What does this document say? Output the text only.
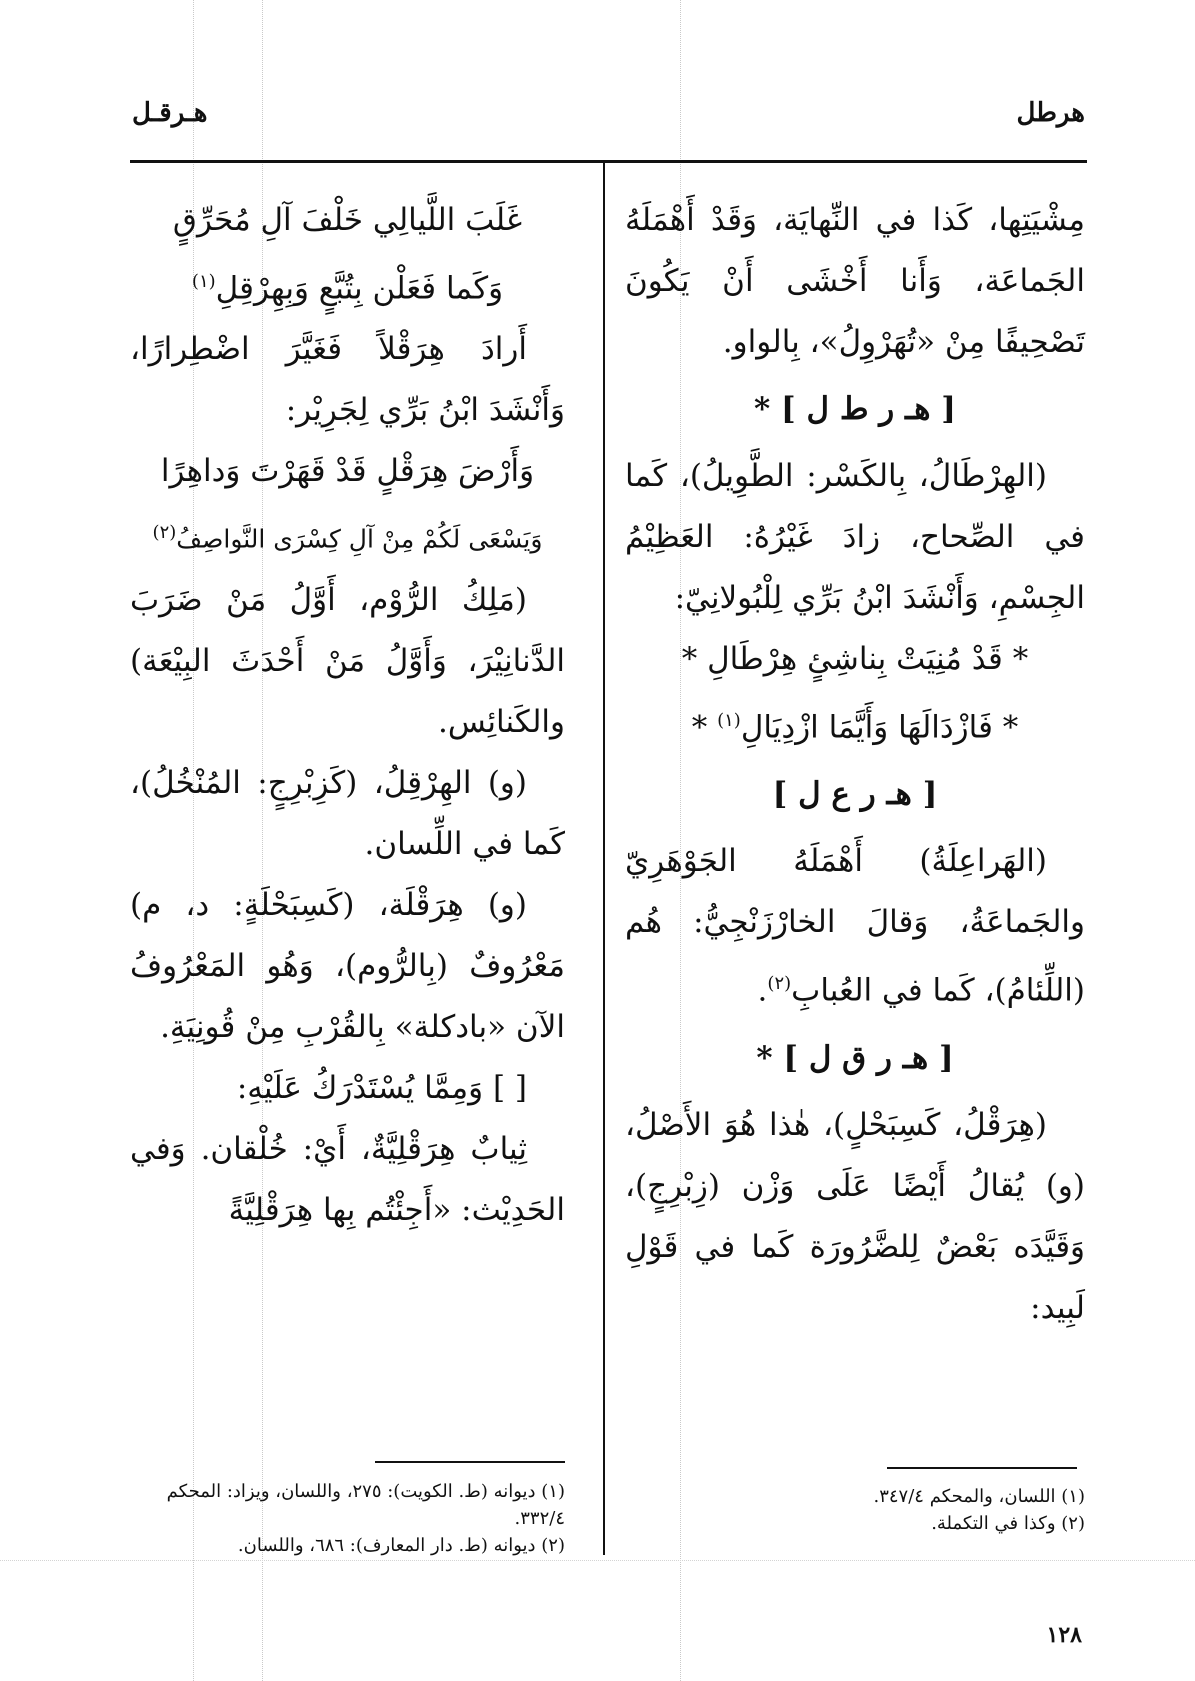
هرطل
هـرقـل

مِشْيَتِها، كَذا في النِّهايَة، وَقَدْ أَهْمَلَهُ الجَماعَة، وَأَنا أَخْشَى أَنْ يَكُونَ تَصْحِيفًا مِنْ «تُهَرْوِلُ»، بِالواو.

[ هـ ر ط ل ] *

(الهِرْطَالُ، بِالكَسْر: الطَّوِيلُ)، كَما في الصِّحاح، زادَ غَيْرُهُ: العَظِيْمُ الجِسْمِ، وَأَنْشَدَ ابْنُ بَرِّي لِلْبُولانِيّ:

* قَدْ مُنِيَتْ بِناشِئٍ هِرْطَالِ *

* فَازْدَالَهَا وَأَيَّمَا ازْدِيَالِ$^{(١)}$ *

[ هـ ر ع ل ]

(الهَراعِلَةُ) أَهْمَلَهُ الجَوْهَرِيّ والجَماعَةُ، وَقالَ الخارْزَنْجِيُّ: هُم (اللِّئامُ)، كَما في العُبابِ$^{(٢)}$.

[ هـ ر ق ل ] *

(هِرَقْلُ، كَسِبَحْلٍ)، هٰذا هُوَ الأَصْلُ، (و) يُقالُ أَيْضًا عَلَى وَزْن (زِبْرِجٍ)، وَقَيَّدَه بَعْضٌ لِلضَّرُورَة كَما في قَوْلِ لَبِيد:

غَلَبَ اللَّيالِي خَلْفَ آلِ مُحَرِّقٍ

وَكَما فَعَلْن بِتُبَّعٍ وَبِهِرْقِلِ$^{(١)}$

أَرادَ هِرَقْلاً فَغَيَّرَ اضْطِرارًا، وَأَنْشَدَ ابْنُ بَرِّي لِجَرِيْر:

وَأَرْضَ هِرَقْلٍ قَدْ قَهَرْتَ وَداهِرًا

وَيَسْعَى لَكُمْ مِنْ آلِ كِسْرَى النَّواصِفُ$^{(٢)}$

(مَلِكُ الرُّوْم، أَوَّلُ مَنْ ضَرَبَ الدَّنانِيْرَ، وَأَوَّلُ مَنْ أَحْدَثَ البِيْعَة) والكَنائِس.

(و) الهِرْقِلُ، (كَزِبْرِجٍ: المُنْخُلُ)، كَما في اللِّسان.

(و) هِرَقْلَة، (كَسِبَحْلَةٍ: د، م) مَعْرُوفٌ (بِالرُّوم)، وَهُو المَعْرُوفُ الآن «بادكلة» بِالقُرْبِ مِنْ قُونِيَةِ.

[ ] وَمِمَّا يُسْتَدْرَكُ عَلَيْهِ:

ثِيابٌ هِرَقْلِيَّةٌ، أَيْ: خُلْقان. وَفي الحَدِيْث: «أَجِئْتُم بِها هِرَقْلِيَّةً

(١) اللسان، والمحكم ٣٤٧/٤.

(٢) وكذا في التكملة.

(١) ديوانه (ط. الكويت): ٢٧٥، واللسان، ويزاد: المحكم ٣٣٢/٤.

(٢) ديوانه (ط. دار المعارف): ٦٨٦، واللسان.

١٢٨
